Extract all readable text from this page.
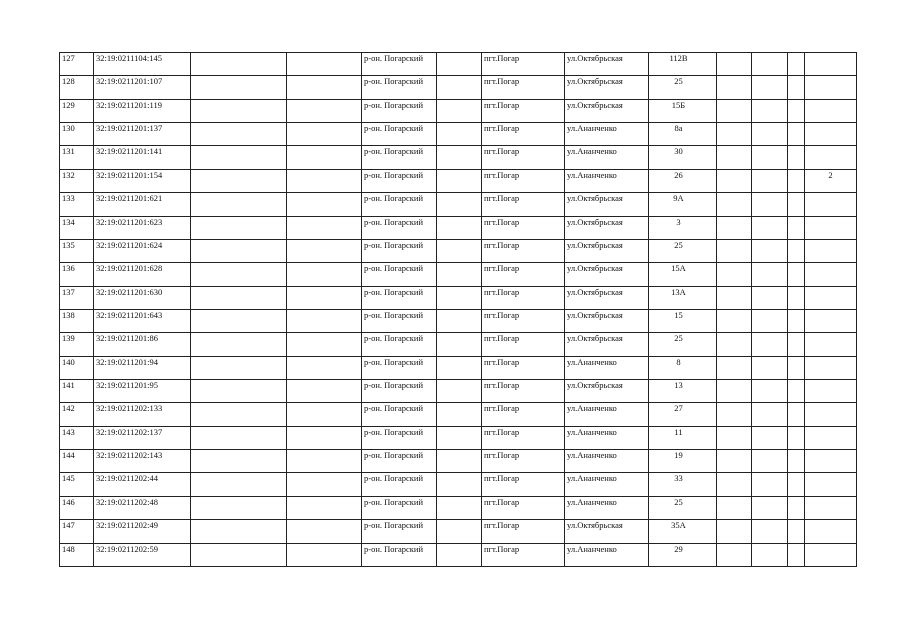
127	32:19:0211104:145			р-он. Погарский		пгт.Погар	ул.Октябрьская	112В				
128	32:19:0211201:107			р-он. Погарский		пгт.Погар	ул.Октябрьская	25				
129	32:19:0211201:119			р-он. Погарский		пгт.Погар	ул.Октябрьская	15Б				
130	32:19:0211201:137			р-он. Погарский		пгт.Погар	ул.Ананченко	8а				
131	32:19:0211201:141			р-он. Погарский		пгт.Погар	ул.Ананченко	30				
132	32:19:0211201:154			р-он. Погарский		пгт.Погар	ул.Ананченко	26				2
133	32:19:0211201:621			р-он. Погарский		пгт.Погар	ул.Октябрьская	9А				
134	32:19:0211201:623			р-он. Погарский		пгт.Погар	ул.Октябрьская	3				
135	32:19:0211201:624			р-он. Погарский		пгт.Погар	ул.Октябрьская	25				
136	32:19:0211201:628			р-он. Погарский		пгт.Погар	ул.Октябрьская	15А				
137	32:19:0211201:630			р-он. Погарский		пгт.Погар	ул.Октябрьская	13А				
138	32:19:0211201:643			р-он. Погарский		пгт.Погар	ул.Октябрьская	15				
139	32:19:0211201:86			р-он. Погарский		пгт.Погар	ул.Октябрьская	25				
140	32:19:0211201:94			р-он. Погарский		пгт.Погар	ул.Ананченко	8				
141	32:19:0211201:95			р-он. Погарский		пгт.Погар	ул.Октябрьская	13				
142	32:19:0211202:133			р-он. Погарский		пгт.Погар	ул.Ананченко	27				
143	32:19:0211202:137			р-он. Погарский		пгт.Погар	ул.Ананченко	11				
144	32:19:0211202:143			р-он. Погарский		пгт.Погар	ул.Ананченко	19				
145	32:19:0211202:44			р-он. Погарский		пгт.Погар	ул.Ананченко	33				
146	32:19:0211202:48			р-он. Погарский		пгт.Погар	ул.Ананченко	25				
147	32:19:0211202:49			р-он. Погарский		пгт.Погар	ул.Октябрьская	35А				
148	32:19:0211202:59			р-он. Погарский		пгт.Погар	ул.Ананченко	29				
